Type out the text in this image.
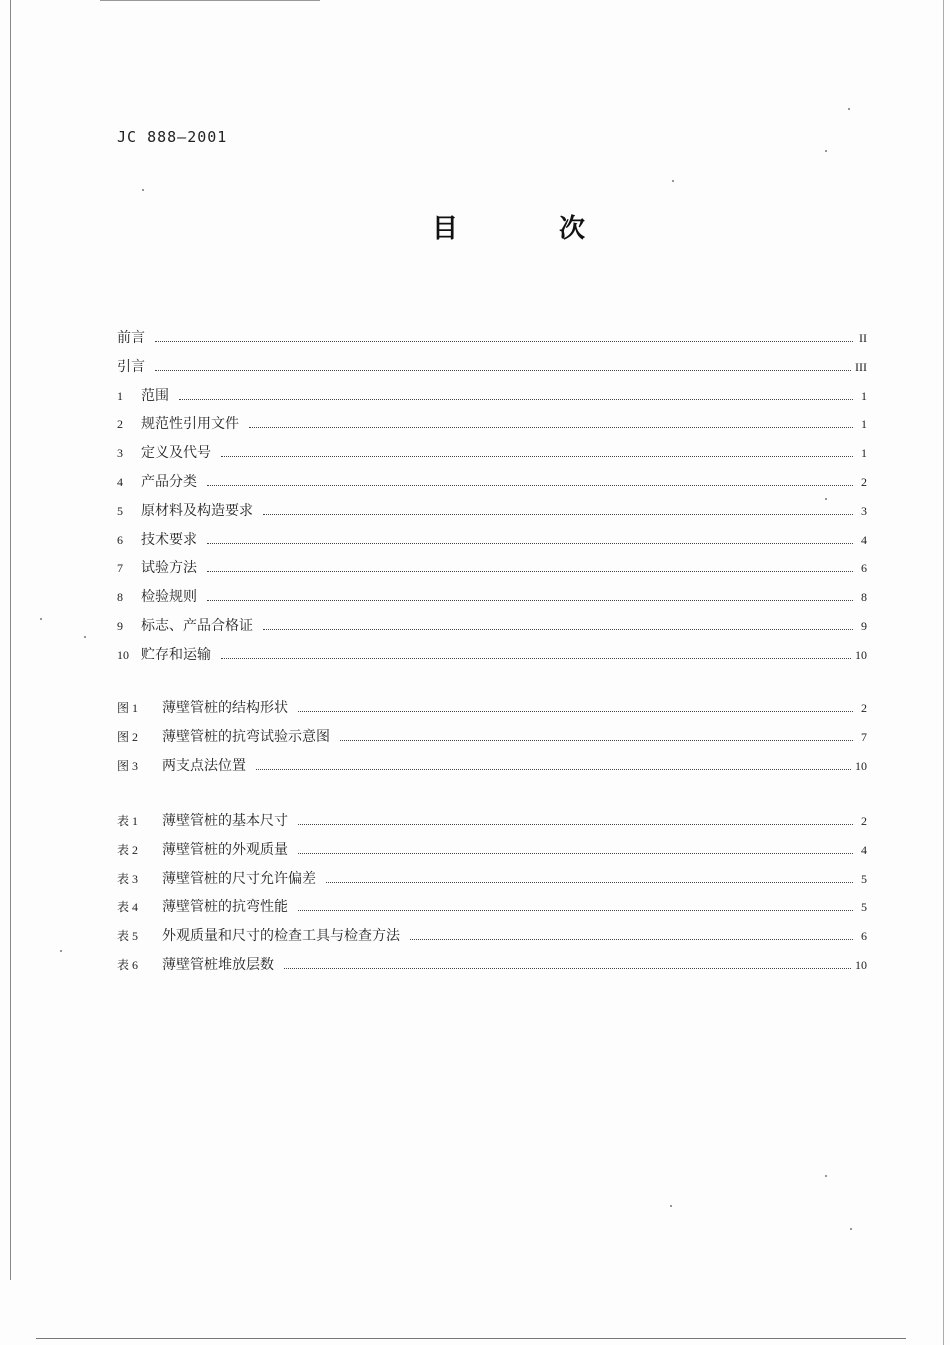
JC 888—2001
目 次
前言	II
引言	III
1	范围	1
2	规范性引用文件	1
3	定义及代号	1
4	产品分类	2
5	原材料及构造要求	3
6	技术要求	4
7	试验方法	6
8	检验规则	8
9	标志、产品合格证	9
10 贮存和运输	10
图 1	薄壁管桩的结构形状	2
图 2	薄壁管桩的抗弯试验示意图	7
图 3	两支点法位置	10
表 1	薄壁管桩的基本尺寸	2
表 2	薄壁管桩的外观质量	4
表 3	薄壁管桩的尺寸允许偏差	5
表 4	薄壁管桩的抗弯性能	5
表 5	外观质量和尺寸的检查工具与检查方法	6
表 6	薄壁管桩堆放层数	10
